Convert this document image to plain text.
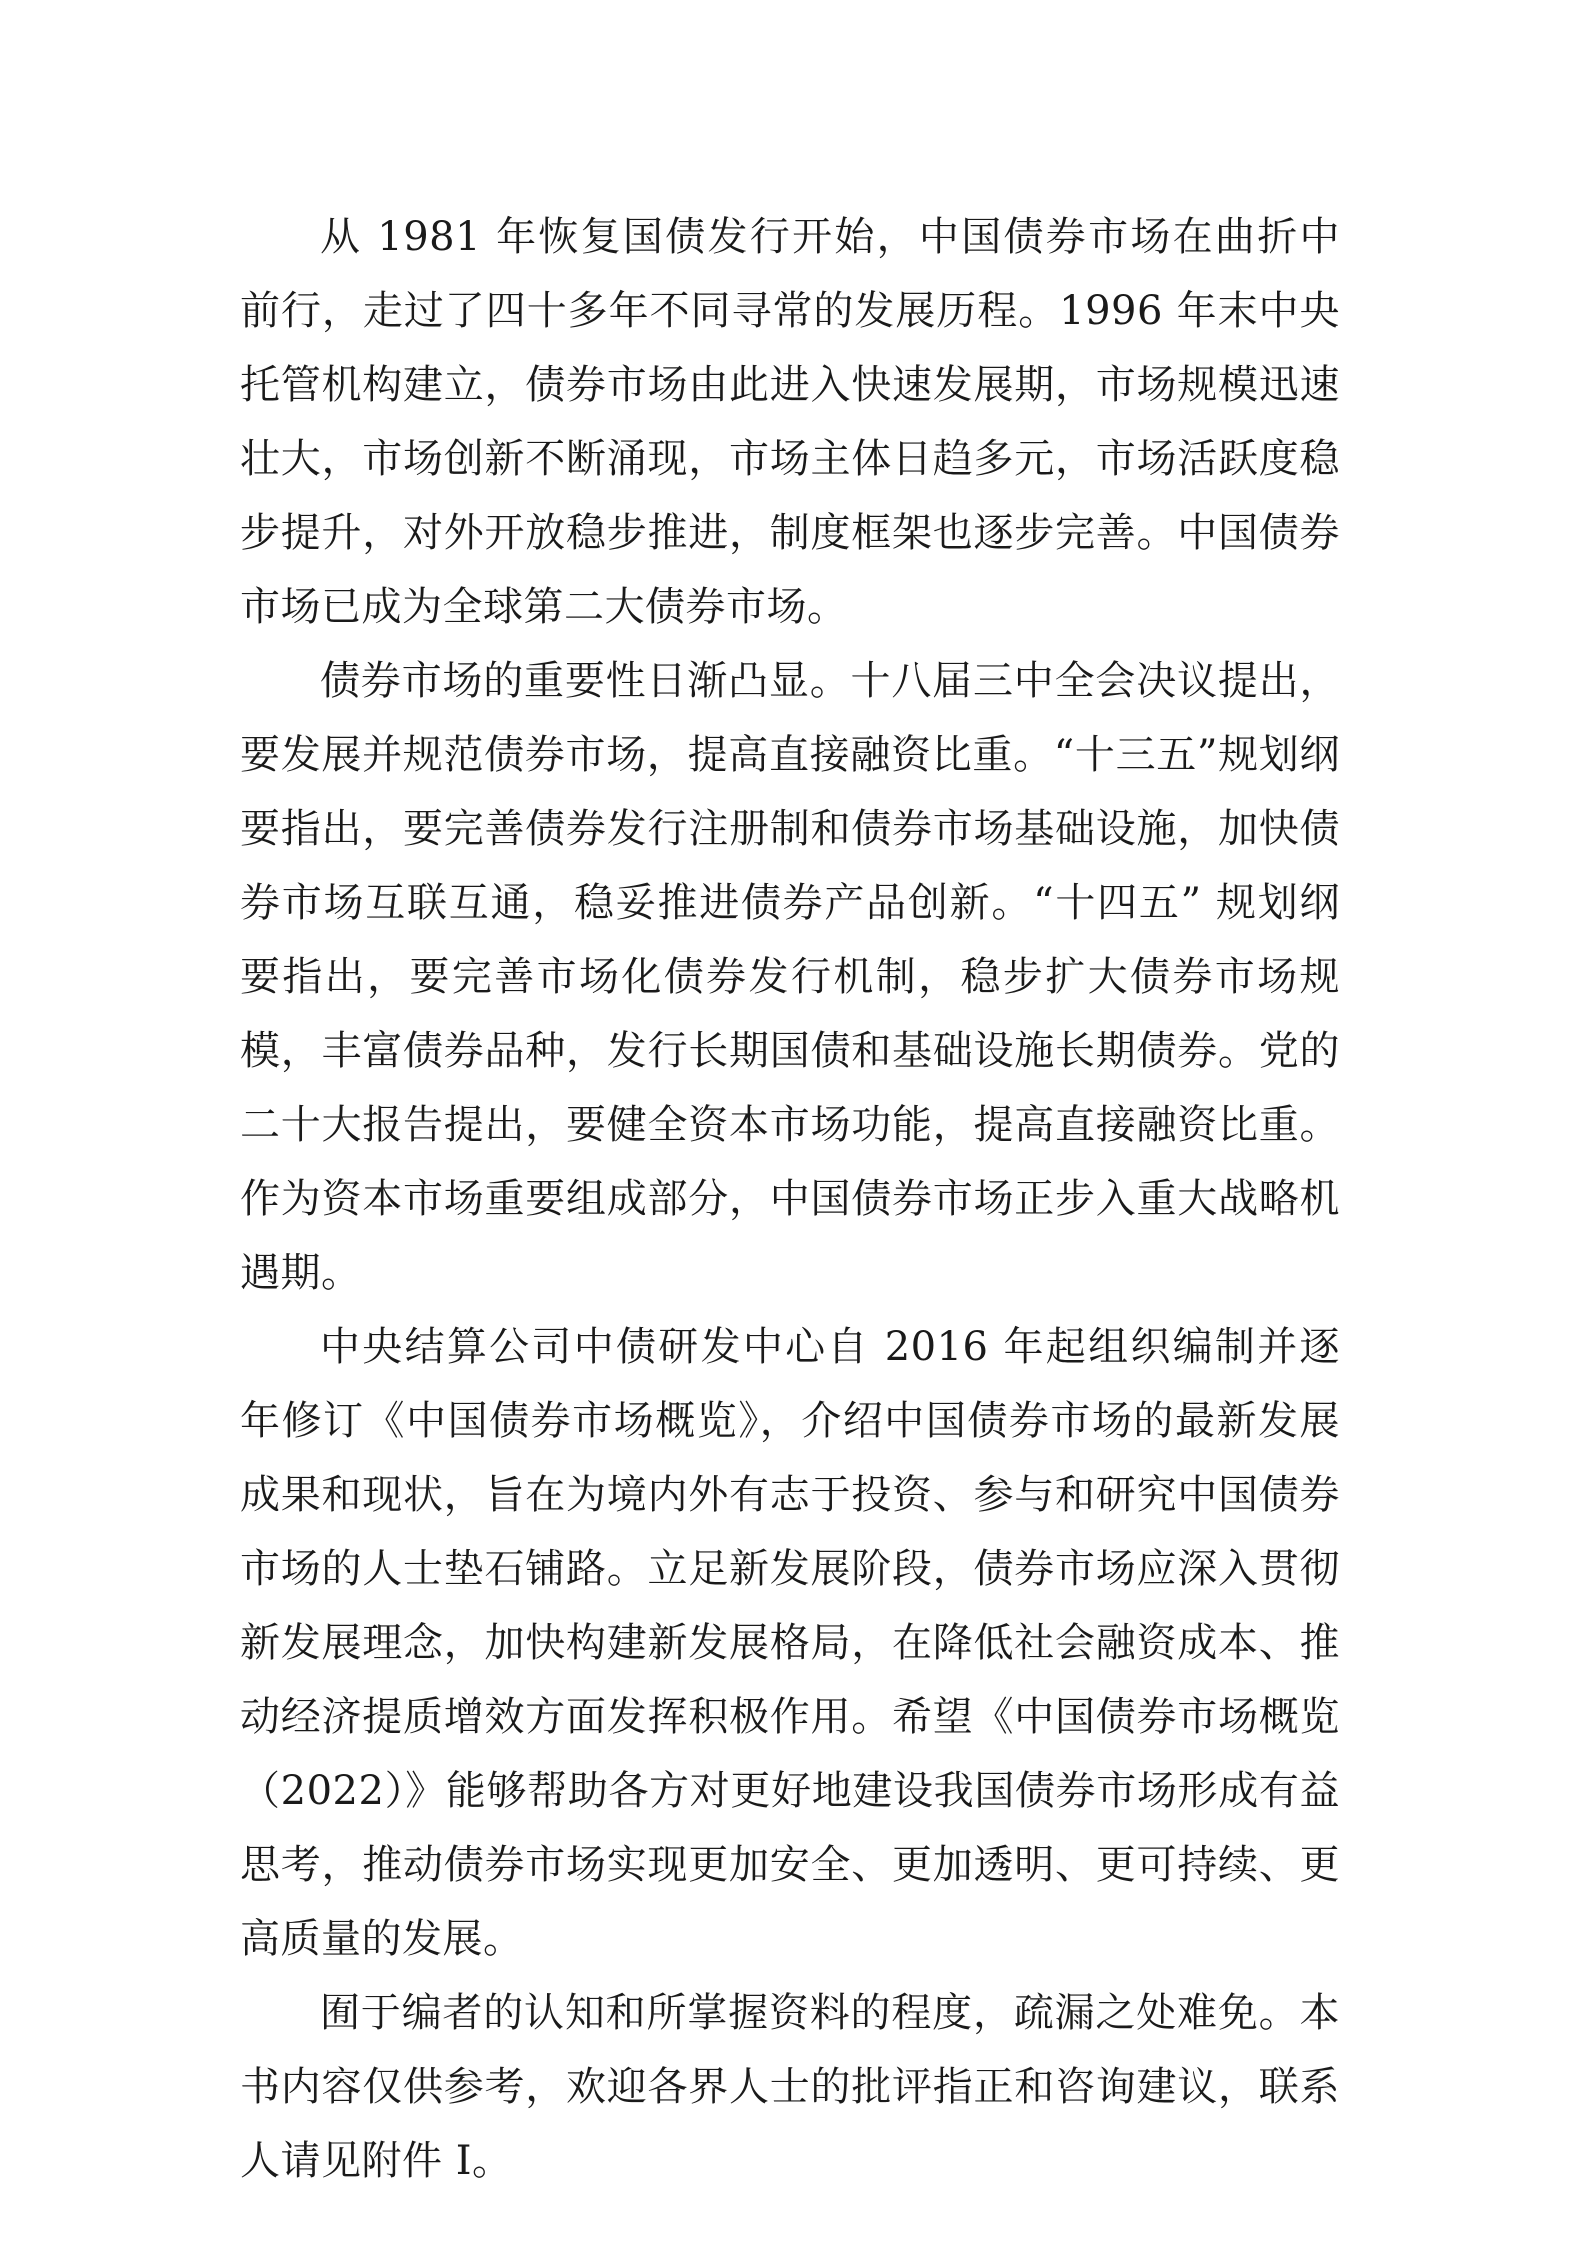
从 1981 年恢复国债发行开始，中国债券市场在曲折中前行，走过了四十多年不同寻常的发展历程。1996 年末中央托管机构建立，债券市场由此进入快速发展期，市场规模迅速壮大，市场创新不断涌现，市场主体日趋多元，市场活跃度稳步提升，对外开放稳步推进，制度框架也逐步完善。中国债券市场已成为全球第二大债券市场。

债券市场的重要性日渐凸显。十八届三中全会决议提出，要发展并规范债券市场，提高直接融资比重。“十三五”规划纲要指出，要完善债券发行注册制和债券市场基础设施，加快债券市场互联互通，稳妥推进债券产品创新。“十四五” 规划纲要指出，要完善市场化债券发行机制，稳步扩大债券市场规模，丰富债券品种，发行长期国债和基础设施长期债券。党的二十大报告提出，要健全资本市场功能，提高直接融资比重。作为资本市场重要组成部分，中国债券市场正步入重大战略机遇期。

中央结算公司中债研发中心自 2016 年起组织编制并逐年修订《中国债券市场概览》，介绍中国债券市场的最新发展成果和现状，旨在为境内外有志于投资、参与和研究中国债券市场的人士垫石铺路。立足新发展阶段，债券市场应深入贯彻新发展理念，加快构建新发展格局，在降低社会融资成本、推动经济提质增效方面发挥积极作用。希望《中国债券市场概览（2022）》能够帮助各方对更好地建设我国债券市场形成有益思考，推动债券市场实现更加安全、更加透明、更可持续、更高质量的发展。

囿于编者的认知和所掌握资料的程度，疏漏之处难免。本书内容仅供参考，欢迎各界人士的批评指正和咨询建议，联系人请见附件 I。
